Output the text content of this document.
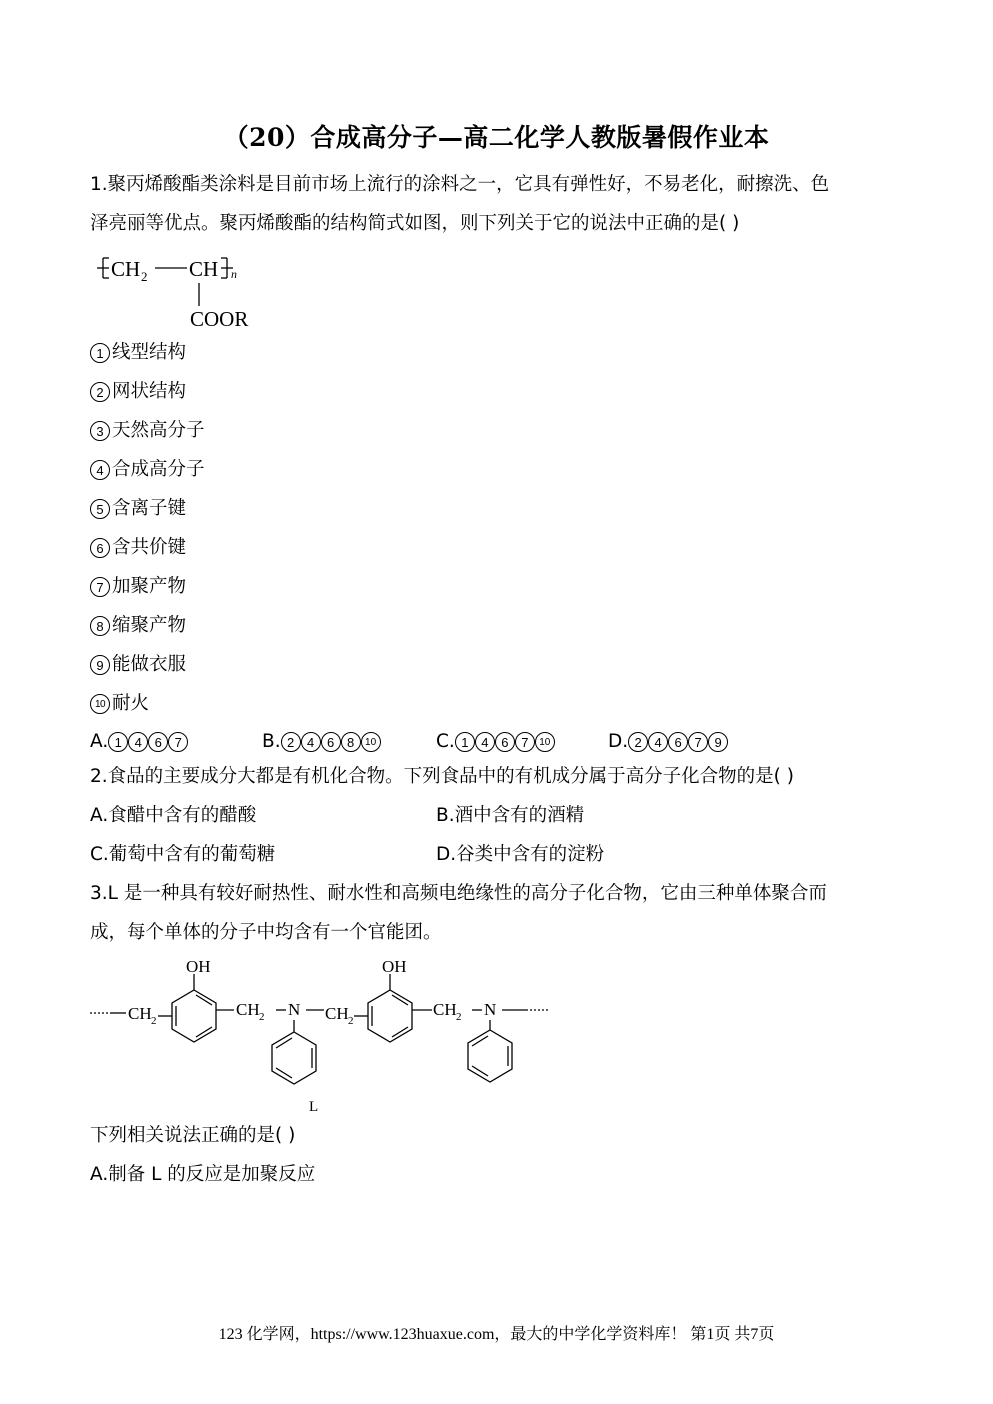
（20）合成高分子—高二化学人教版暑假作业本
1.聚丙烯酸酯类涂料是目前市场上流行的涂料之一，它具有弹性好，不易老化，耐擦洗、色
泽亮丽等优点。聚丙烯酸酯的结构简式如图，则下列关于它的说法中正确的是( )
CH 2 CH n
COOR
1 线型结构
2 网状结构
3 天然高分子
4 合成高分子
5 含离子键
6 含共价键
7 加聚产物
8 缩聚产物
9 能做衣服
10 耐火
A. 1 4 6 7	B. 2 4 6 8 10	C. 1 4 6 7 10	D. 2 4 6 7 9
2.食品的主要成分大都是有机化合物。下列食品中的有机成分属于高分子化合物的是( )
A.食醋中含有的醋酸	B.酒中含有的酒精
C.葡萄中含有的葡萄糖	D.谷类中含有的淀粉
3.L 是一种具有较好耐热性、耐水性和高频电绝缘性的高分子化合物，它由三种单体聚合而
成，每个单体的分子中均含有一个官能团。
OH	OH
CH 2
CH 2 N CH 2
CH 2 N
L
下列相关说法正确的是( )
A.制备 L 的反应是加聚反应
123 化学网，https://www.123huaxue.com，最大的中学化学资料库！ 第1页 共7页
